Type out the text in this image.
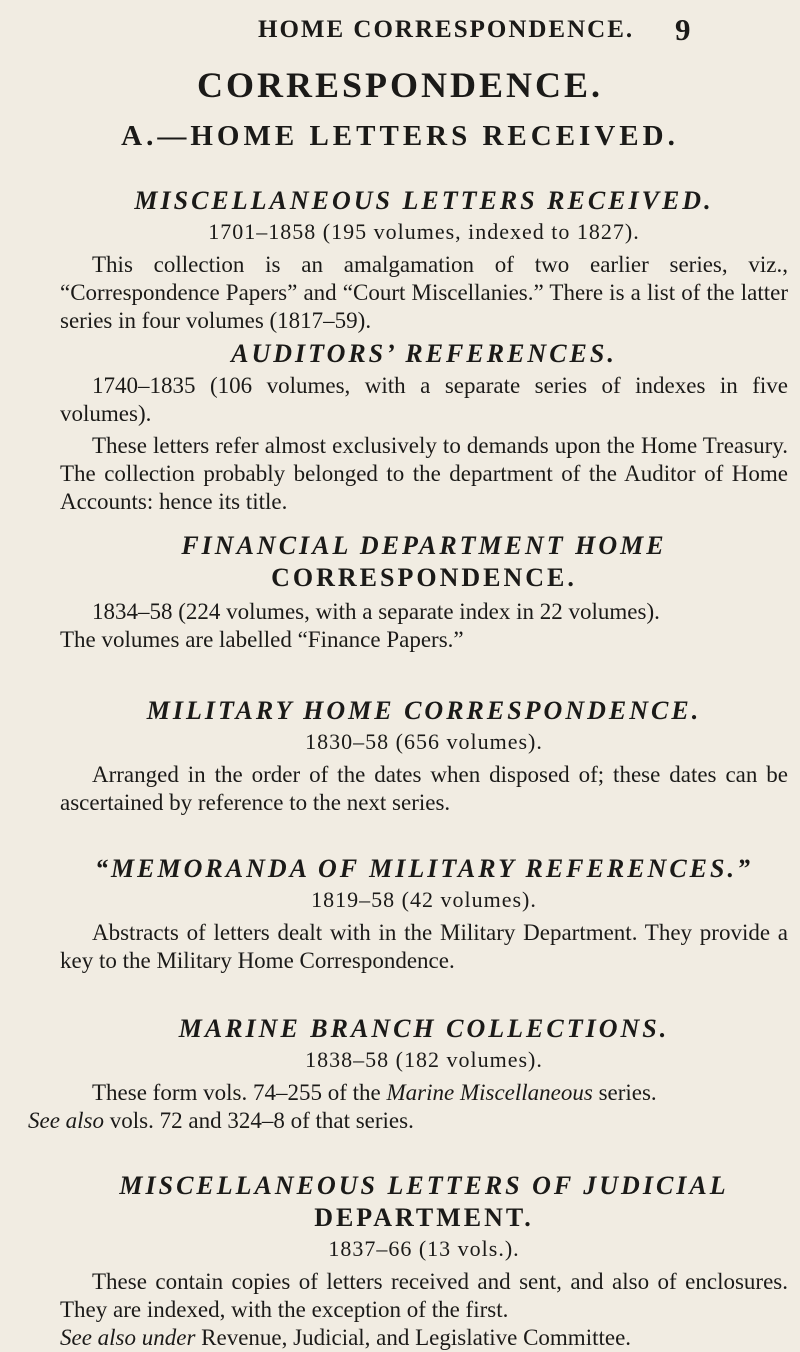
HOME CORRESPONDENCE. 9
CORRESPONDENCE.
A.—HOME LETTERS RECEIVED.
MISCELLANEOUS LETTERS RECEIVED.
1701–1858 (195 volumes, indexed to 1827).

This collection is an amalgamation of two earlier series, viz., “Correspondence Papers” and “Court Miscellanies.” There is a list of the latter series in four volumes (1817–59).

AUDITORS’ REFERENCES.

1740–1835 (106 volumes, with a separate series of indexes in five volumes).

These letters refer almost exclusively to demands upon the Home Treasury. The collection probably belonged to the department of the Auditor of Home Accounts: hence its title.

FINANCIAL DEPARTMENT HOME
CORRESPONDENCE.

1834–58 (224 volumes, with a separate index in 22 volumes).

The volumes are labelled “Finance Papers.”

MILITARY HOME CORRESPONDENCE.
1830–58 (656 volumes).

Arranged in the order of the dates when disposed of; these dates can be ascertained by reference to the next series.

“MEMORANDA OF MILITARY REFERENCES.”
1819–58 (42 volumes).

Abstracts of letters dealt with in the Military Department. They provide a key to the Military Home Correspondence.

MARINE BRANCH COLLECTIONS.
1838–58 (182 volumes).

These form vols. 74–255 of the Marine Miscellaneous series.
See also vols. 72 and 324–8 of that series.

MISCELLANEOUS LETTERS OF JUDICIAL
DEPARTMENT.
1837–66 (13 vols.).

These contain copies of letters received and sent, and also of enclosures. They are indexed, with the exception of the first.
See also under Revenue, Judicial, and Legislative Committee.
